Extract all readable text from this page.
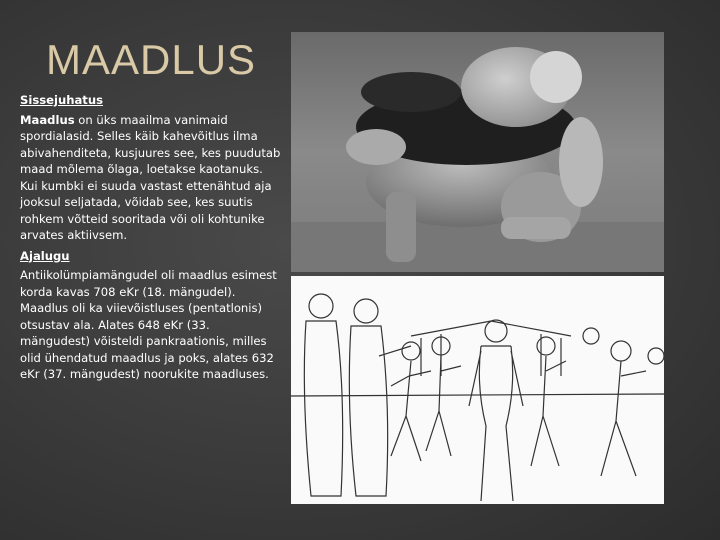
MAADLUS
Sissejuhatus

Maadlus on üks maailma vanimaid spordialasid. Selles käib kahevõitlus ilma abivahenditeta, kusjuures see, kes puudutab maad mõlema õlaga, loetakse kaotanuks. Kui kumbki ei suuda vastast ettenähtud aja jooksul seljatada, võidab see, kes suutis rohkem võtteid sooritada või oli kohtunike arvates aktiivsem.

Ajalugu

Antiikolümpiamängudel oli maadlus esimest korda kavas 708 eKr (18. mängudel). Maadlus oli ka viievõistluses (pentatlonis) otsustav ala. Alates 648 eKr (33. mängudest) võisteldi pankraationis, milles olid ühendatud maadlus ja poks, alates 632 eKr (37. mängudest) noorukite maadluses.
